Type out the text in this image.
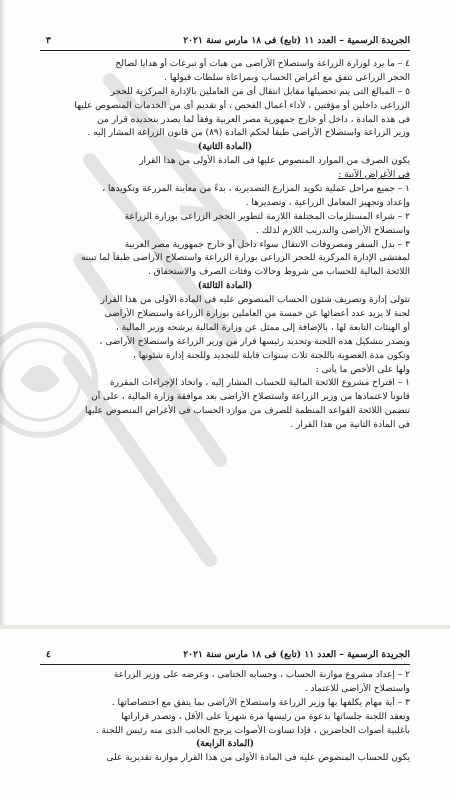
الجريدة الرسمية – العدد ١١ (تابع) فى ١٨ مارس سنة ٢٠٢١
٣
٤ – ما يرد لوزارة الزراعة واستصلاح الأراضى من هبات أو تبرعات أو هدايا لصالح
الحجر الزراعى تتفق مع أغراض الحساب وبمراعاة سلطات قبولها .
٥ – المبالغ التى يتم تحصيلها مقابل انتقال أى من العاملين بالإدارة المركزية للحجر
الزراعى داخلين أو مؤقتين ، لأداء أعمال الفحص ، أو تقديم أى من الخدمات المنصوص عليها
فى هذه المادة ، داخل أو خارج جمهورية مصر العربية وفقاً لما يصدر بتحديده قرار من
وزير الزراعة واستصلاح الأراضى طبقاً لحكم المادة (٨٩) من قانون الزراعة المشار إليه .
(المادة الثانية)
يكون الصرف من الموارد المنصوص عليها فى المادة الأولى من هذا القرار
فى الأغراض الآتية :
١ – جميع مراحل عملية تكويد المزارع التصديرية ، بدءً من معاينة المزرعة وتكويدها ،
وإعداد وتجهيز المعامل الزراعية ، وتصديرها .
٢ – شراء المستلزمات المختلفة اللازمة لتطوير الحجر الزراعى بوزارة الزراعة
واستصلاح الأراضى والتدريب اللازم لذلك .
٣ – بدل السفر ومصروفات الانتقال سواء داخل أو خارج جمهورية مصر العربية
لمفتشى الإدارة المركزية للحجر الزراعى بوزارة الزراعة واستصلاح الأراضى طبقاً لما تبينه
اللائحة المالية للحساب من شروط وحالات وفئات الصرف والاستحقاق .
(المادة الثالثة)
تتولى إدارة وتصريف شئون الحساب المنصوص عليه فى المادة الأولى من هذا القرار
لجنة لا يزيد عدد أعضائها عن خمسة من العاملين بوزارة الزراعة واستصلاح الأراضى
أو الهيئات التابعة لها ، بالإضافة إلى ممثل عن وزارة المالية يرشحه وزير المالية ،
ويصدر بتشكيل هذه اللجنة وتحديد رئيسها قرار من وزير الزراعة واستصلاح الأراضى ،
وتكون مدة العضوية باللجنة ثلاث سنوات قابلة للتجديد وللجنة إدارة شئونها ،
ولها على الأخص ما يأتى :
١ – اقتراح مشروع اللائحة المالية للحساب المشار إليه ، واتخاذ الإجراءات المقررة
قانوناً لاعتمادها من وزير الزراعة واستصلاح الأراضى بعد موافقة وزارة المالية ، على أن
تتضمن اللائحة القواعد المنظمة للصرف من موارد الحساب فى الأغراض المنصوص عليها
فى المادة الثانية من هذا القرار .
الجريدة الرسمية – العدد ١١ (تابع) فى ١٨ مارس سنة ٢٠٢١
٤
٢ – إعداد مشروع موازنة الحساب ، وحسابه الختامى ، وعرضه على وزير الزراعة
واستصلاح الأراضى للاعتماد .
٣ – أية مهام يكلفها بها وزير الزراعة واستصلاح الأراضى بما يتفق مع اختصاصاتها .
وتعقد اللجنة جلساتها بدعوة من رئيسها مرة شهرياً على الأقل ، وتصدر قراراتها
بأغلبية أصوات الحاضرين ، فإذا تساوت الأصوات يرجح الجانب الذى منه رئيس اللجنة .
(المادة الرابعة)
يكون للحساب المنصوص عليه فى المادة الأولى من هذا القرار موازنة تقديرية على
